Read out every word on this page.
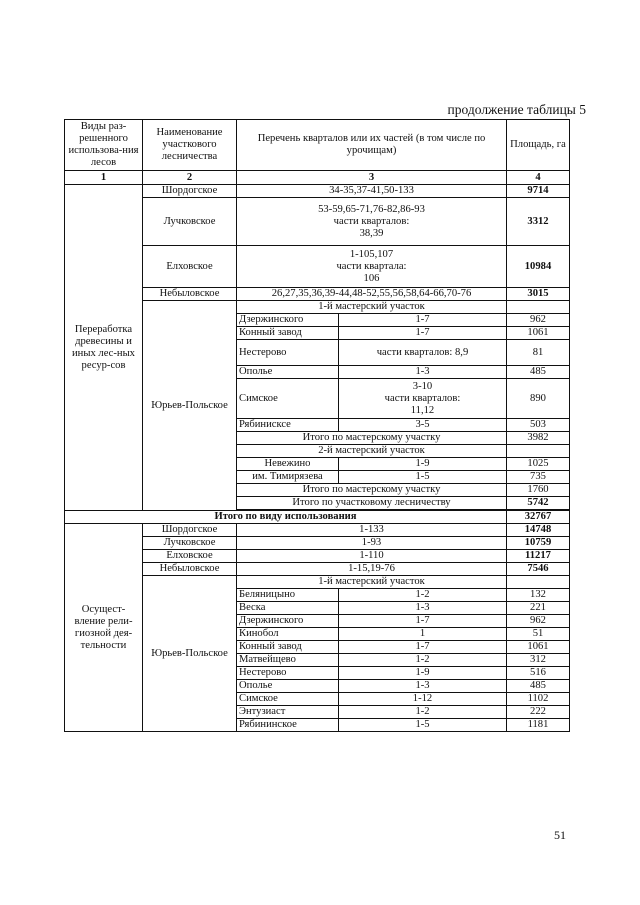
продолжение таблицы 5
Виды раз-решенного использова-ния лесов	Наименование участкового лесничества	Перечень кварталов или их частей (в том числе по урочищам)		Площадь, га
1	2	3		4
Переработка древесины и иных лес-ных ресур-сов	Шордогское	34-35,37-41,50-133		9714
	Лучковское	53-59,65-71,76-82,86-93
части кварталов:
38,39		3312
	Елховское	1-105,107
части квартала:
106		10984
	Небыловское	26,27,35,36,39-44,48-52,55,56,58,64-66,70-76		3015
	Юрьев-Польское	1-й мастерский участок		
		Дзержинского	1-7	962
		Конный завод	1-7	1061
		Нестерово	части кварталов: 8,9	81
		Ополье	1-3	485
		Симское	3-10
части кварталов:
11,12	890
		Рябинисксе	3-5	503
		Итого по мастерскому участку		3982
		2-й мастерский участок		
		Невежино	1-9	1025
		им. Тимирязева	1-5	735
		Итого по мастерскому участку		1760
		Итого по участковому лесничеству		5742

Итого по виду использования				32767
Осущест-вление рели-гиозной дея-тельности	Шордогское	1-133		14748
	Лучковское	1-93		10759
	Елховское	1-110		11217
	Небыловское	1-15,19-76		7546
	Юрьев-Польское	1-й мастерский участок		
		Беляницыно	1-2	132
		Веска	1-3	221
		Дзержинского	1-7	962
		Кинобол	1	51
		Конный завод	1-7	1061
		Матвейщево	1-2	312
		Нестерово	1-9	516
		Ополье	1-3	485
		Симское	1-12	1102
		Энтузиаст	1-2	222
		Рябининское	1-5	1181
51
